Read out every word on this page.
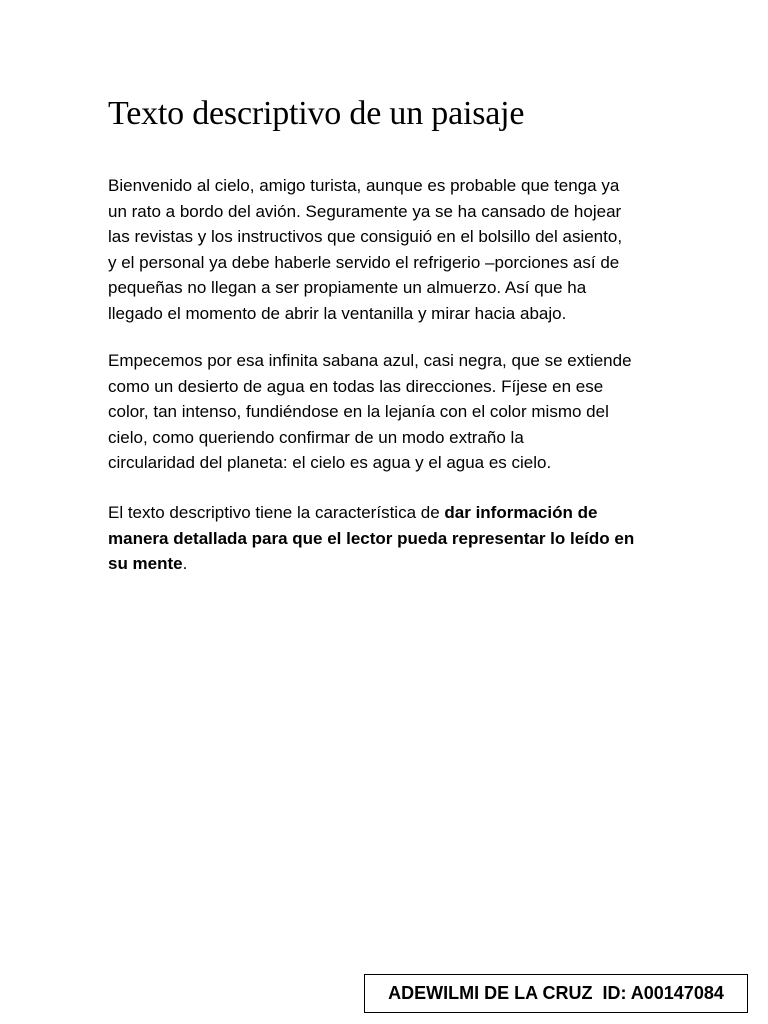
Texto descriptivo de un paisaje

Bienvenido al cielo, amigo turista, aunque es probable que tenga ya
un rato a bordo del avión. Seguramente ya se ha cansado de hojear
las revistas y los instructivos que consiguió en el bolsillo del asiento,
y el personal ya debe haberle servido el refrigerio –porciones así de
pequeñas no llegan a ser propiamente un almuerzo. Así que ha
llegado el momento de abrir la ventanilla y mirar hacia abajo.

Empecemos por esa infinita sabana azul, casi negra, que se extiende
como un desierto de agua en todas las direcciones. Fíjese en ese
color, tan intenso, fundiéndose en la lejanía con el color mismo del
cielo, como queriendo confirmar de un modo extraño la
circularidad del planeta: el cielo es agua y el agua es cielo.

El texto descriptivo tiene la característica de dar información de
manera detallada para que el lector pueda representar lo leído en
su mente.

ADEWILMI DE LA CRUZ  ID: A00147084
